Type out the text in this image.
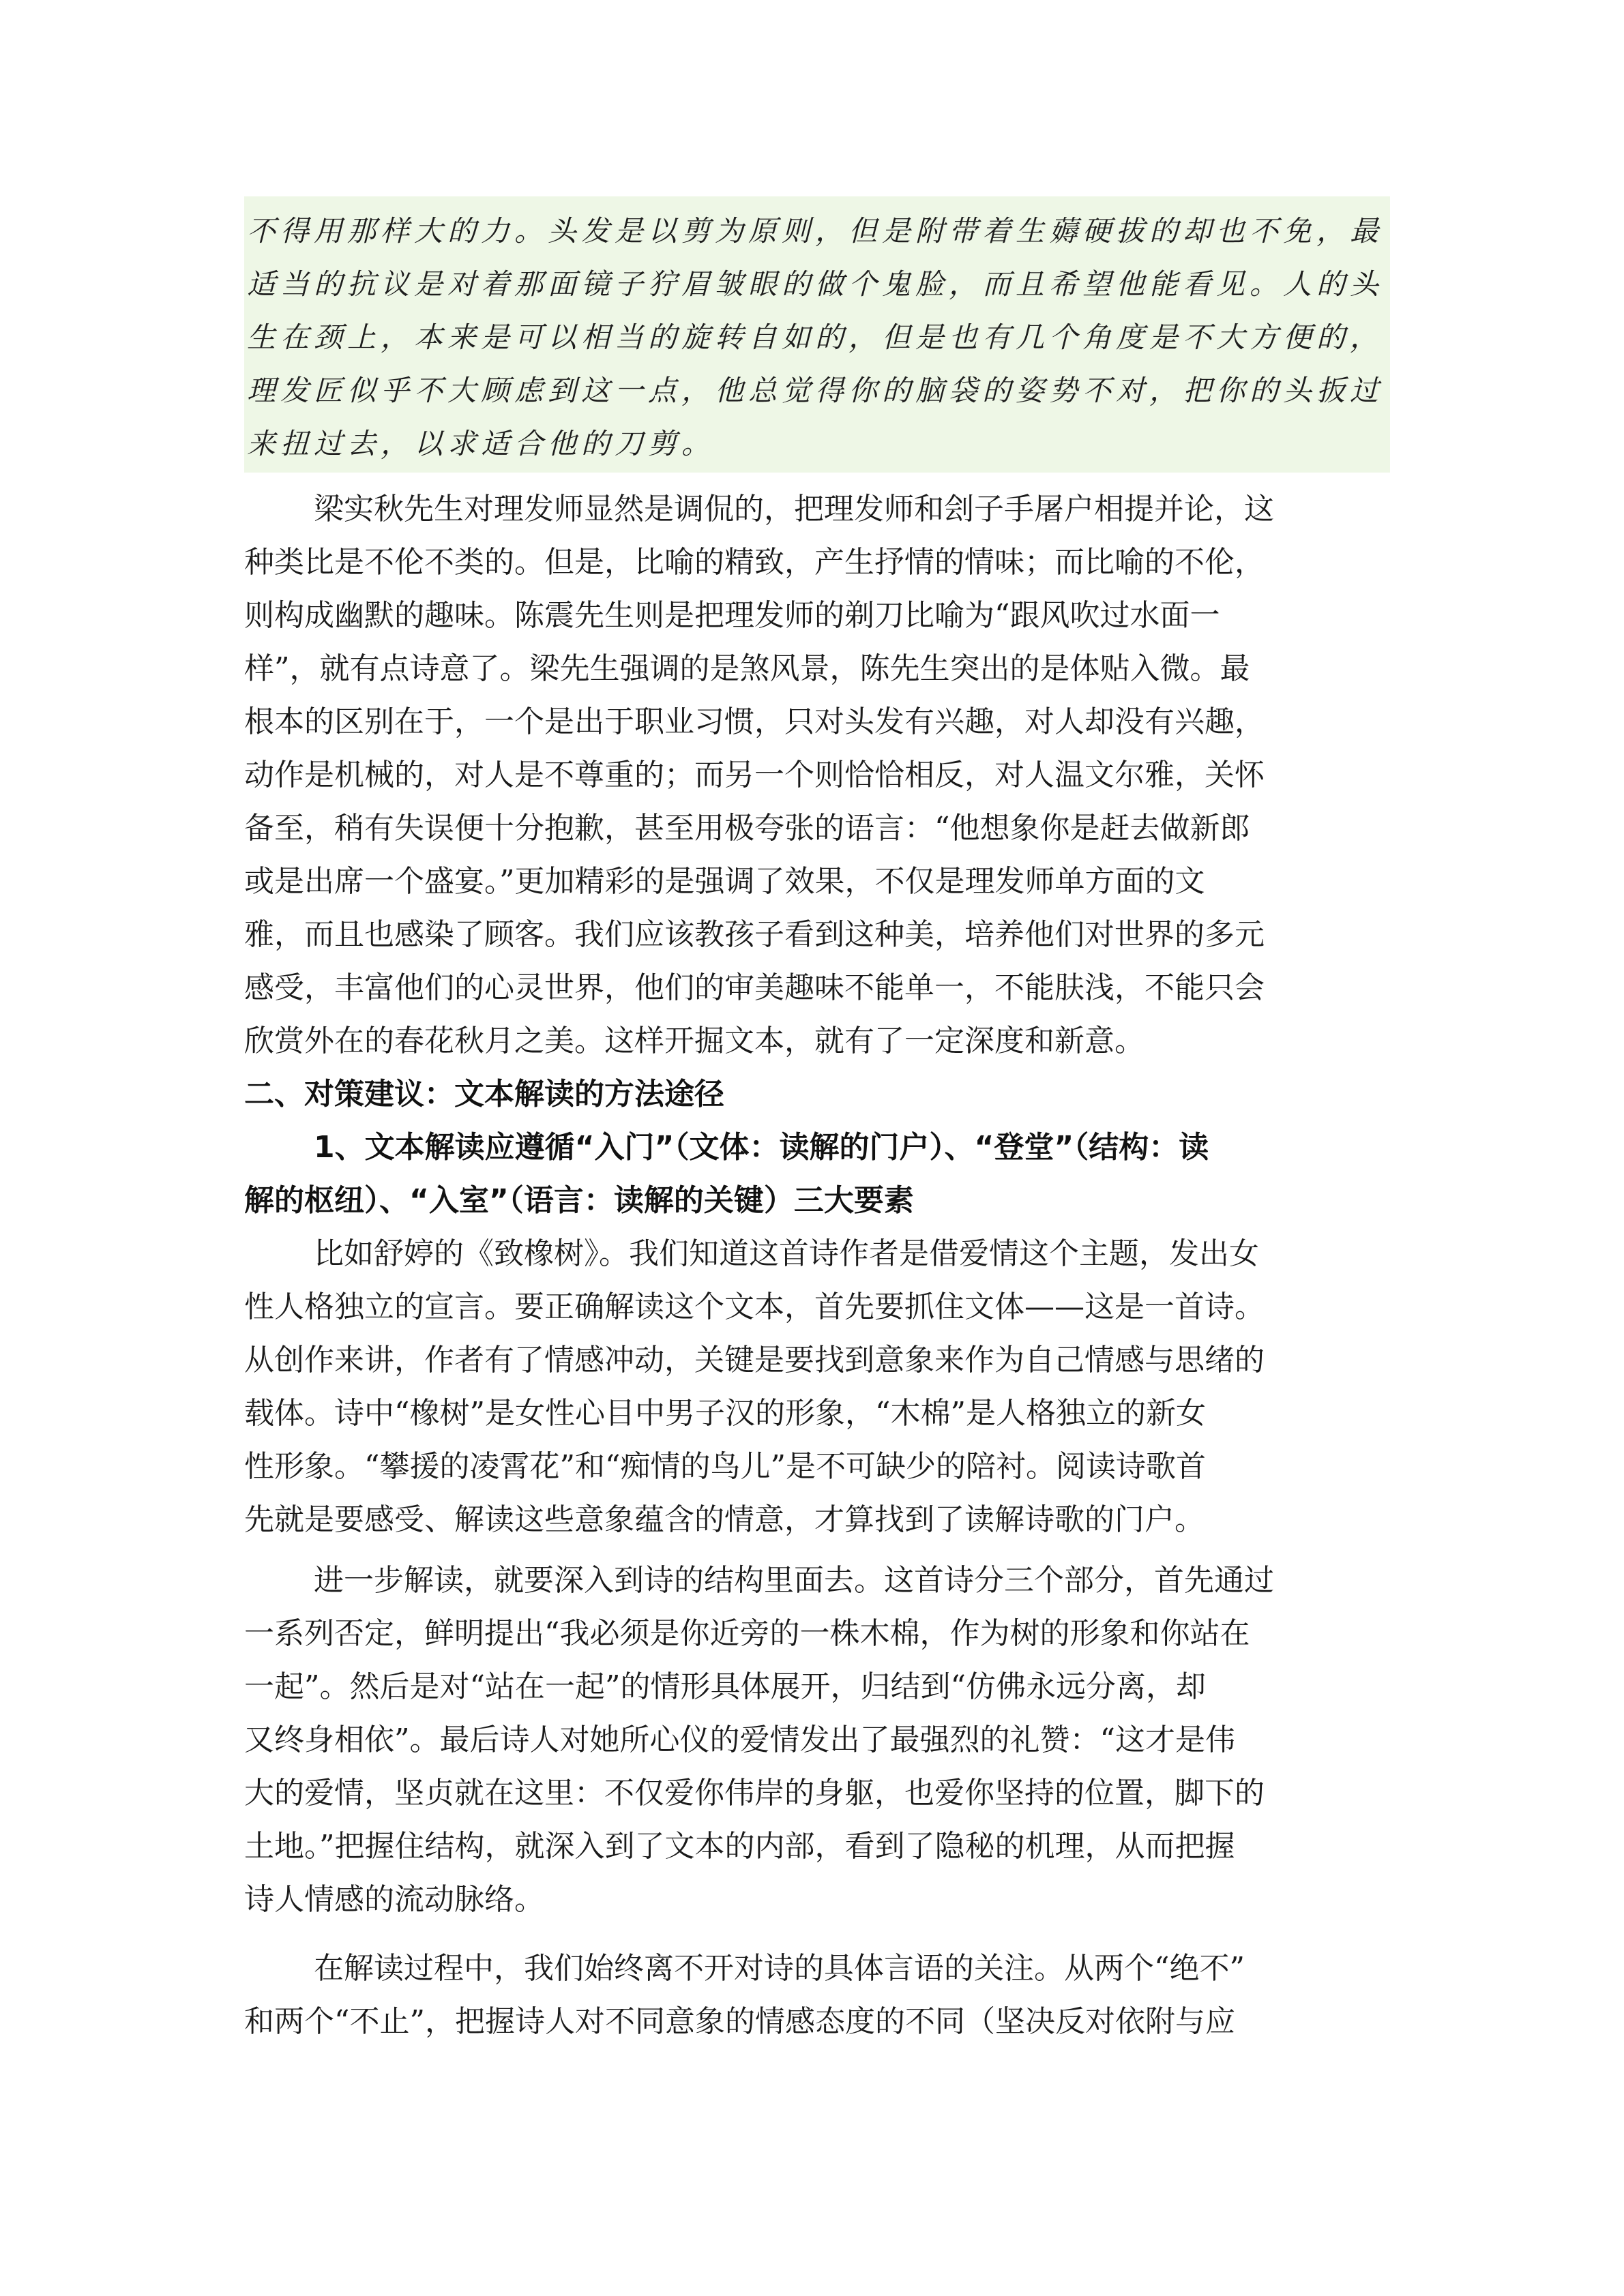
不得用那样大的力。头发是以剪为原则，但是附带着生薅硬拔的却也不免，最
适当的抗议是对着那面镜子狞眉皱眼的做个鬼脸，而且希望他能看见。人的头
生在颈上，本来是可以相当的旋转自如的，但是也有几个角度是不大方便的，
理发匠似乎不大顾虑到这一点，他总觉得你的脑袋的姿势不对，把你的头扳过
来扭过去，以求适合他的刀剪。
梁实秋先生对理发师显然是调侃的，把理发师和刽子手屠户相提并论，这
种类比是不伦不类的。但是，比喻的精致，产生抒情的情味；而比喻的不伦，
则构成幽默的趣味。陈震先生则是把理发师的剃刀比喻为“跟风吹过水面一
样”，就有点诗意了。梁先生强调的是煞风景，陈先生突出的是体贴入微。最
根本的区别在于，一个是出于职业习惯，只对头发有兴趣，对人却没有兴趣，
动作是机械的，对人是不尊重的；而另一个则恰恰相反，对人温文尔雅，关怀
备至，稍有失误便十分抱歉，甚至用极夸张的语言：“他想象你是赶去做新郎
或是出席一个盛宴。”更加精彩的是强调了效果，不仅是理发师单方面的文
雅，而且也感染了顾客。我们应该教孩子看到这种美，培养他们对世界的多元
感受，丰富他们的心灵世界，他们的审美趣味不能单一，不能肤浅，不能只会
欣赏外在的春花秋月之美。这样开掘文本，就有了一定深度和新意。
二、对策建议：文本解读的方法途径
1、文本解读应遵循“入门”（文体：读解的门户）、“登堂”（结构：读
解的枢纽）、“入室”（语言：读解的关键）三大要素
比如舒婷的《致橡树》。我们知道这首诗作者是借爱情这个主题，发出女
性人格独立的宣言。要正确解读这个文本，首先要抓住文体——这是一首诗。
从创作来讲，作者有了情感冲动，关键是要找到意象来作为自己情感与思绪的
载体。诗中“橡树”是女性心目中男子汉的形象，“木棉”是人格独立的新女
性形象。“攀援的凌霄花”和“痴情的鸟儿”是不可缺少的陪衬。阅读诗歌首
先就是要感受、解读这些意象蕴含的情意，才算找到了读解诗歌的门户。
进一步解读，就要深入到诗的结构里面去。这首诗分三个部分，首先通过
一系列否定，鲜明提出“我必须是你近旁的一株木棉，作为树的形象和你站在
一起”。然后是对“站在一起”的情形具体展开，归结到“仿佛永远分离，却
又终身相依”。最后诗人对她所心仪的爱情发出了最强烈的礼赞：“这才是伟
大的爱情，坚贞就在这里：不仅爱你伟岸的身躯，也爱你坚持的位置，脚下的
土地。”把握住结构，就深入到了文本的内部，看到了隐秘的机理，从而把握
诗人情感的流动脉络。
在解读过程中，我们始终离不开对诗的具体言语的关注。从两个“绝不”
和两个“不止”，把握诗人对不同意象的情感态度的不同（坚决反对依附与应
